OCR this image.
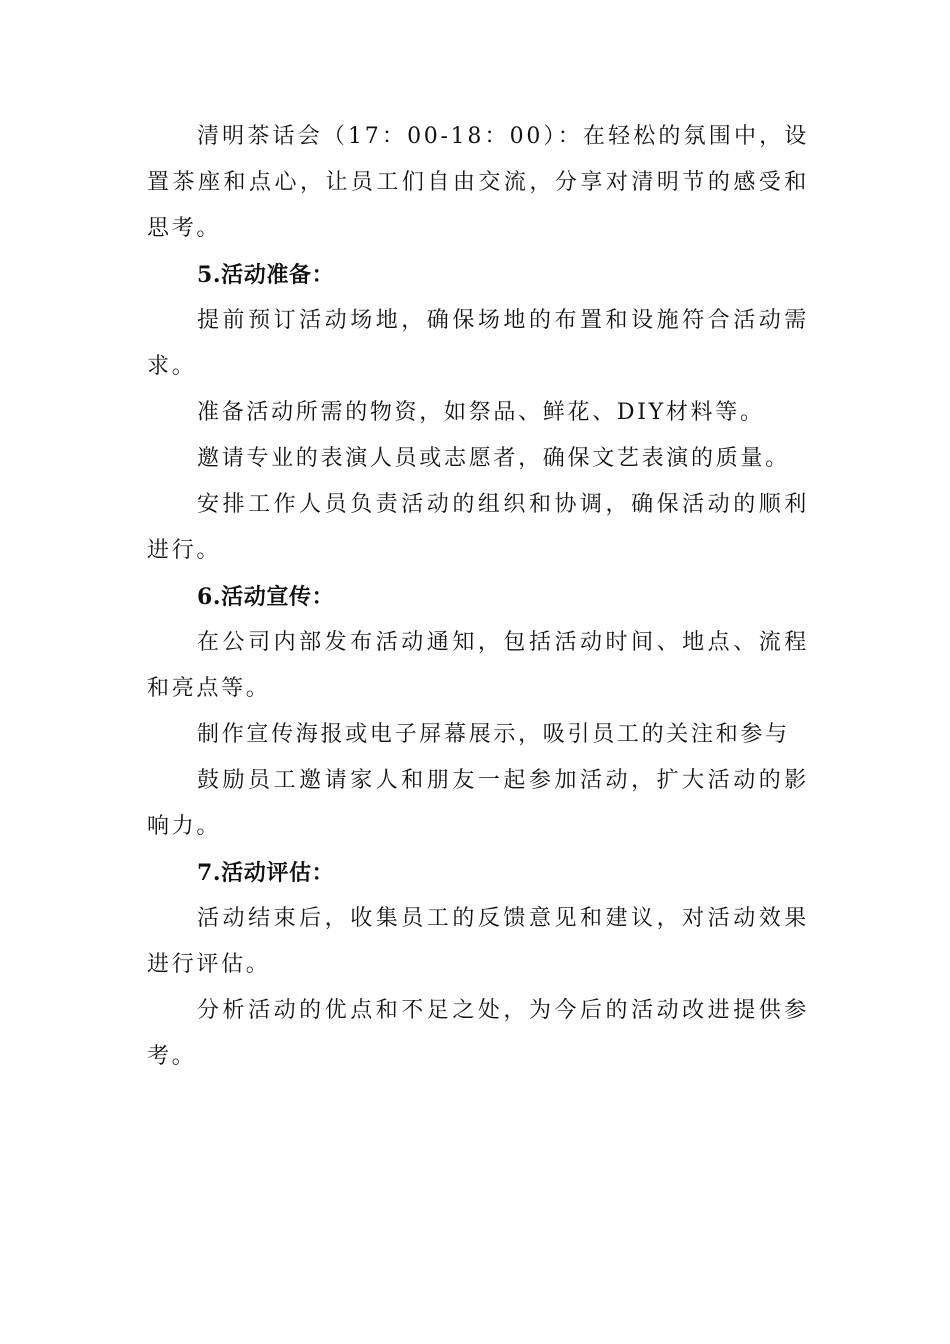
清明茶话会（17：00-18：00）：在轻松的氛围中，设置茶座和点心，让员工们自由交流，分享对清明节的感受和思考。

5.活动准备：

提前预订活动场地，确保场地的布置和设施符合活动需求。

准备活动所需的物资，如祭品、鲜花、DIY材料等。

邀请专业的表演人员或志愿者，确保文艺表演的质量。

安排工作人员负责活动的组织和协调，确保活动的顺利进行。

6.活动宣传：

在公司内部发布活动通知，包括活动时间、地点、流程和亮点等。

制作宣传海报或电子屏幕展示，吸引员工的关注和参与

鼓励员工邀请家人和朋友一起参加活动，扩大活动的影响力。

7.活动评估：

活动结束后，收集员工的反馈意见和建议，对活动效果进行评估。

分析活动的优点和不足之处，为今后的活动改进提供参考。
